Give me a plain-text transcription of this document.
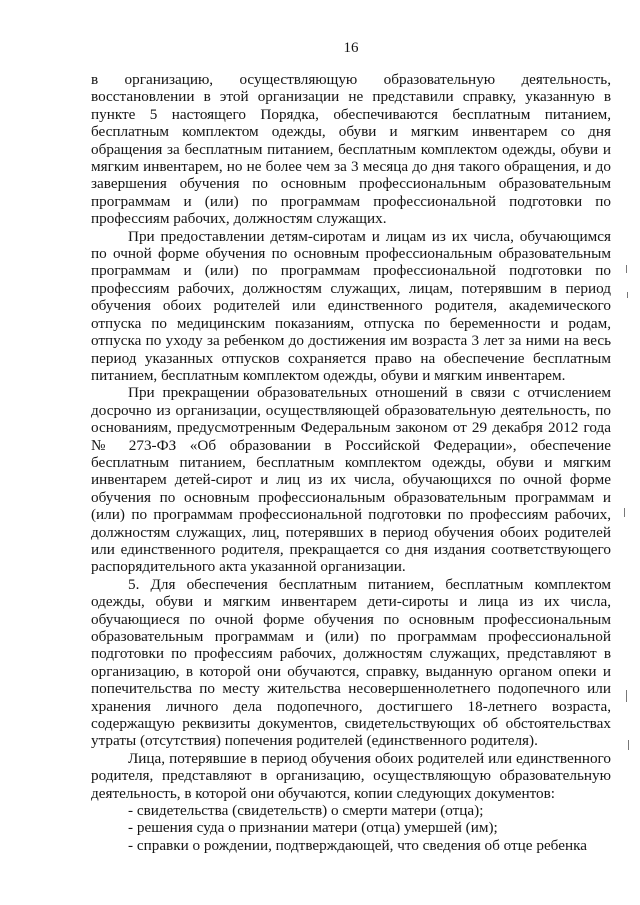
16

в организацию, осуществляющую образовательную деятельность, восстановлении в этой организации не представили справку, указанную в пункте 5 настоящего Порядка, обеспечиваются бесплатным питанием, бесплатным комплектом одежды, обуви и мягким инвентарем со дня обращения за бесплатным питанием, бесплатным комплектом одежды, обуви и мягким инвентарем, но не более чем за 3 месяца до дня такого обращения, и до завершения обучения по основным профессиональным образовательным программам и (или) по программам профессиональной подготовки по профессиям рабочих, должностям служащих.

При предоставлении детям-сиротам и лицам из их числа, обучающимся по очной форме обучения по основным профессиональным образовательным программам и (или) по программам профессиональной подготовки по профессиям рабочих, должностям служащих, лицам, потерявшим в период обучения обоих родителей или единственного родителя, академического отпуска по медицинским показаниям, отпуска по беременности и родам, отпуска по уходу за ребенком до достижения им возраста 3 лет за ними на весь период указанных отпусков сохраняется право на обеспечение бесплатным питанием, бесплатным комплектом одежды, обуви и мягким инвентарем.

При прекращении образовательных отношений в связи с отчислением досрочно из организации, осуществляющей образовательную деятельность, по основаниям, предусмотренным Федеральным законом от 29 декабря 2012 года № 273-ФЗ «Об образовании в Российской Федерации», обеспечение бесплатным питанием, бесплатным комплектом одежды, обуви и мягким инвентарем детей-сирот и лиц из их числа, обучающихся по очной форме обучения по основным профессиональным образовательным программам и (или) по программам профессиональной подготовки по профессиям рабочих, должностям служащих, лиц, потерявших в период обучения обоих родителей или единственного родителя, прекращается со дня издания соответствующего распорядительного акта указанной организации.

5. Для обеспечения бесплатным питанием, бесплатным комплектом одежды, обуви и мягким инвентарем дети-сироты и лица из их числа, обучающиеся по очной форме обучения по основным профессиональным образовательным программам и (или) по программам профессиональной подготовки по профессиям рабочих, должностям служащих, представляют в организацию, в которой они обучаются, справку, выданную органом опеки и попечительства по месту жительства несовершеннолетнего подопечного или хранения личного дела подопечного, достигшего 18-летнего возраста, содержащую реквизиты документов, свидетельствующих об обстоятельствах утраты (отсутствия) попечения родителей (единственного родителя).

Лица, потерявшие в период обучения обоих родителей или единственного родителя, представляют в организацию, осуществляющую образовательную деятельность, в которой они обучаются, копии следующих документов:

- свидетельства (свидетельств) о смерти матери (отца);

- решения суда о признании матери (отца) умершей (им);

- справки о рождении, подтверждающей, что сведения об отце ребенка
